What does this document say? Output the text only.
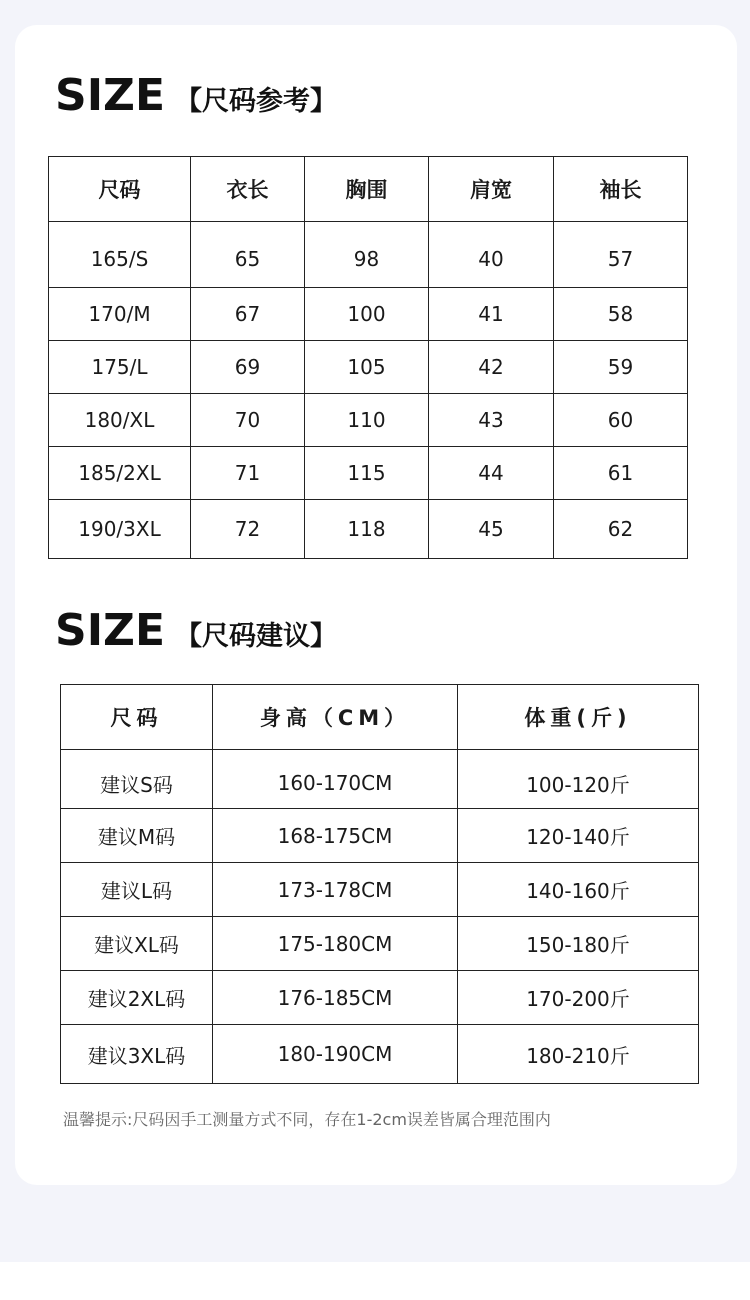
SIZE 【尺码参考】
尺码	衣长	胸围	肩宽	袖长
165/S	65	98	40	57
170/M	67	100	41	58
175/L	69	105	42	59
180/XL	70	110	43	60
185/2XL	71	115	44	61
190/3XL	72	118	45	62
SIZE 【尺码建议】
尺码	身高（CM）	体重(斤)
建议S码	160-170CM	100-120斤
建议M码	168-175CM	120-140斤
建议L码	173-178CM	140-160斤
建议XL码	175-180CM	150-180斤
建议2XL码	176-185CM	170-200斤
建议3XL码	180-190CM	180-210斤
温馨提示:尺码因手工测量方式不同，存在1-2cm误差皆属合理范围内
